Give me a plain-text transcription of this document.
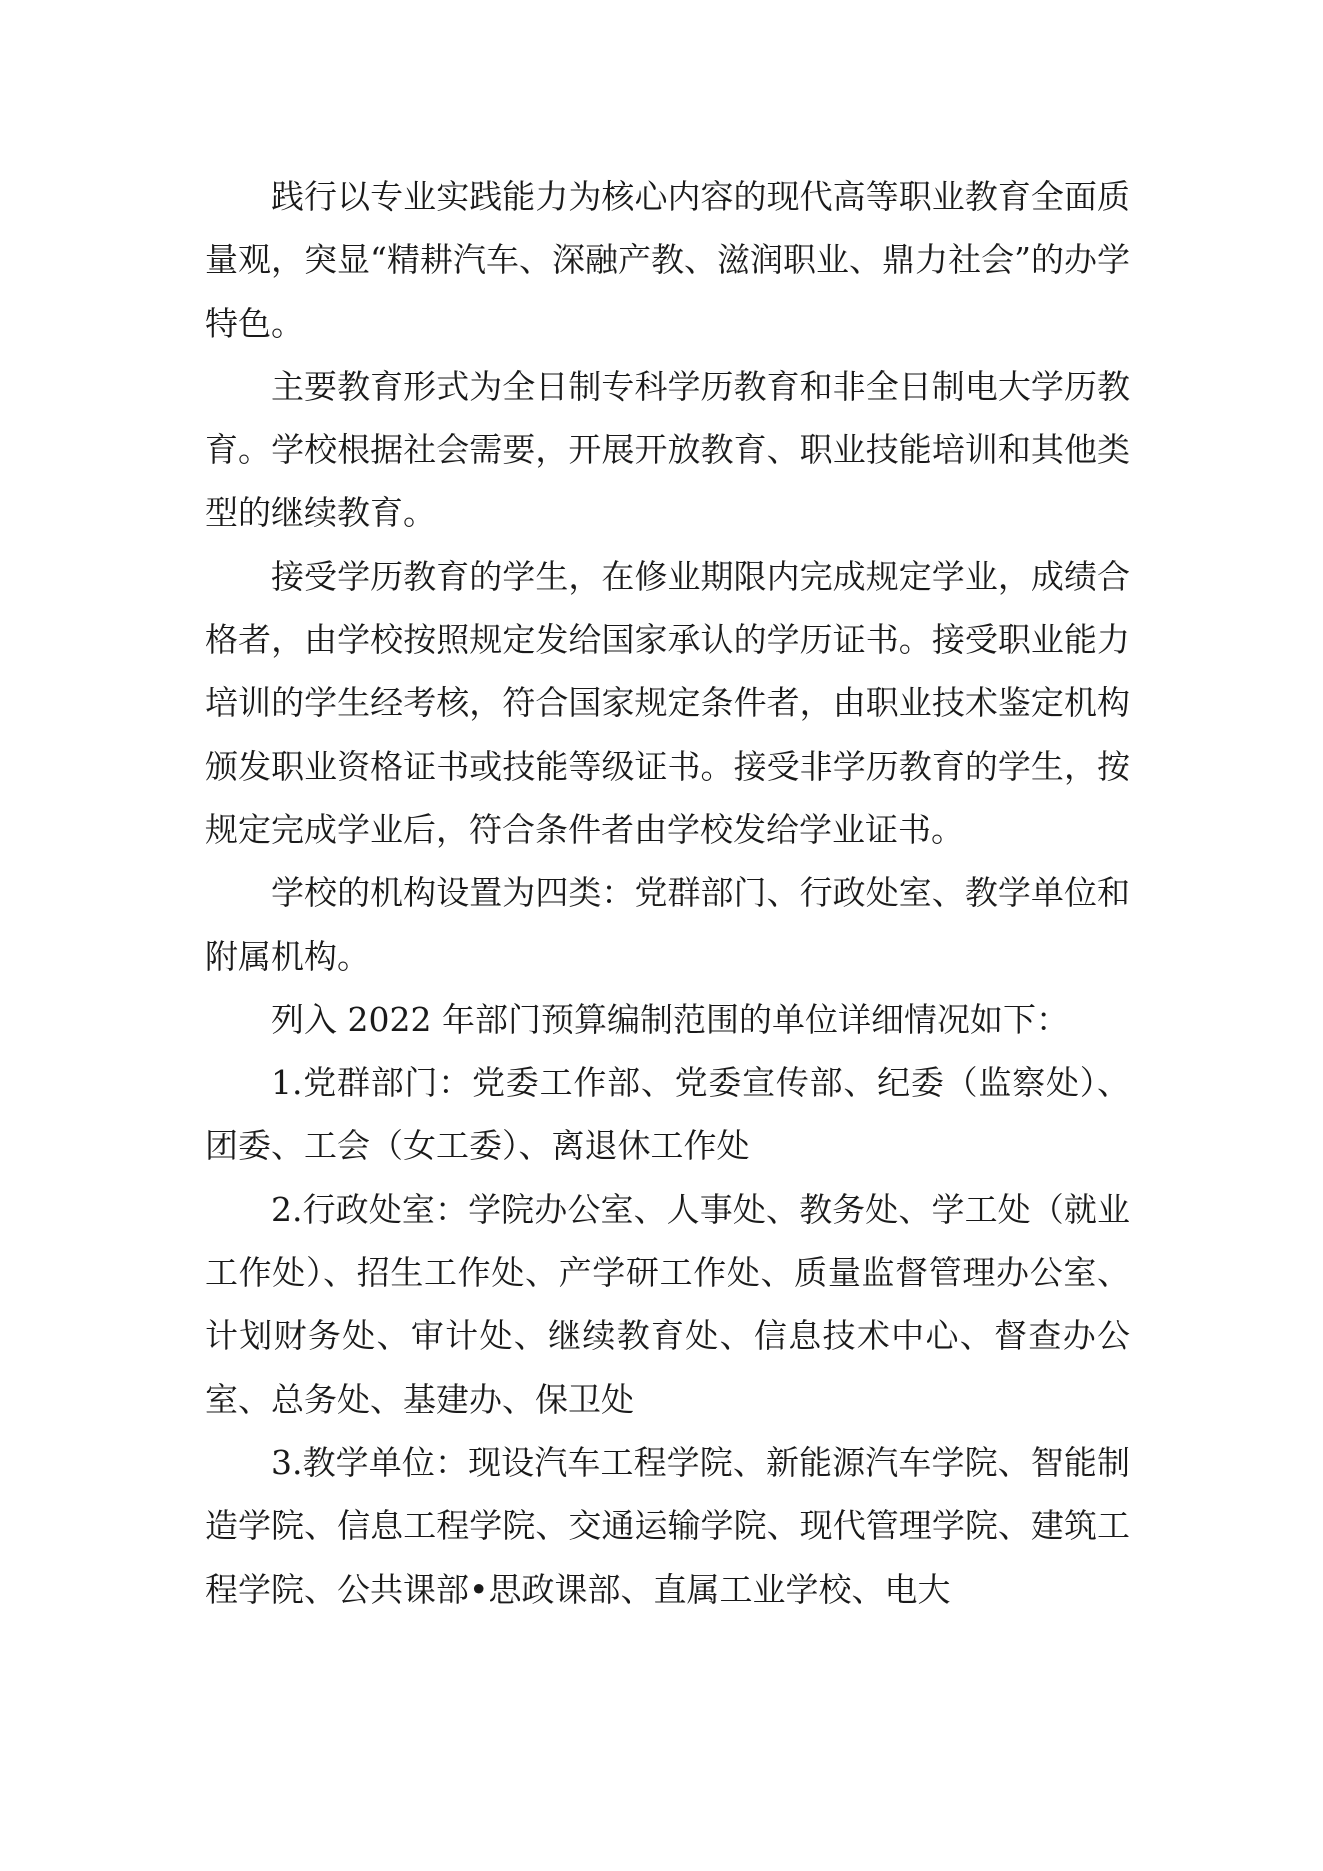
践行以专业实践能力为核心内容的现代高等职业教育全面质量观，突显“精耕汽车、深融产教、滋润职业、鼎力社会”的办学特色。

主要教育形式为全日制专科学历教育和非全日制电大学历教育。学校根据社会需要，开展开放教育、职业技能培训和其他类型的继续教育。

接受学历教育的学生，在修业期限内完成规定学业，成绩合格者，由学校按照规定发给国家承认的学历证书。接受职业能力培训的学生经考核，符合国家规定条件者，由职业技术鉴定机构颁发职业资格证书或技能等级证书。接受非学历教育的学生，按规定完成学业后，符合条件者由学校发给学业证书。

学校的机构设置为四类：党群部门、行政处室、教学单位和附属机构。

列入 2022 年部门预算编制范围的单位详细情况如下：

1.党群部门：党委工作部、党委宣传部、纪委（监察处）、团委、工会（女工委）、离退休工作处

2.行政处室：学院办公室、人事处、教务处、学工处（就业工作处）、招生工作处、产学研工作处、质量监督管理办公室、计划财务处、审计处、继续教育处、信息技术中心、督查办公室、总务处、基建办、保卫处

3.教学单位：现设汽车工程学院、新能源汽车学院、智能制造学院、信息工程学院、交通运输学院、现代管理学院、建筑工程学院、公共课部•思政课部、直属工业学校、电大
